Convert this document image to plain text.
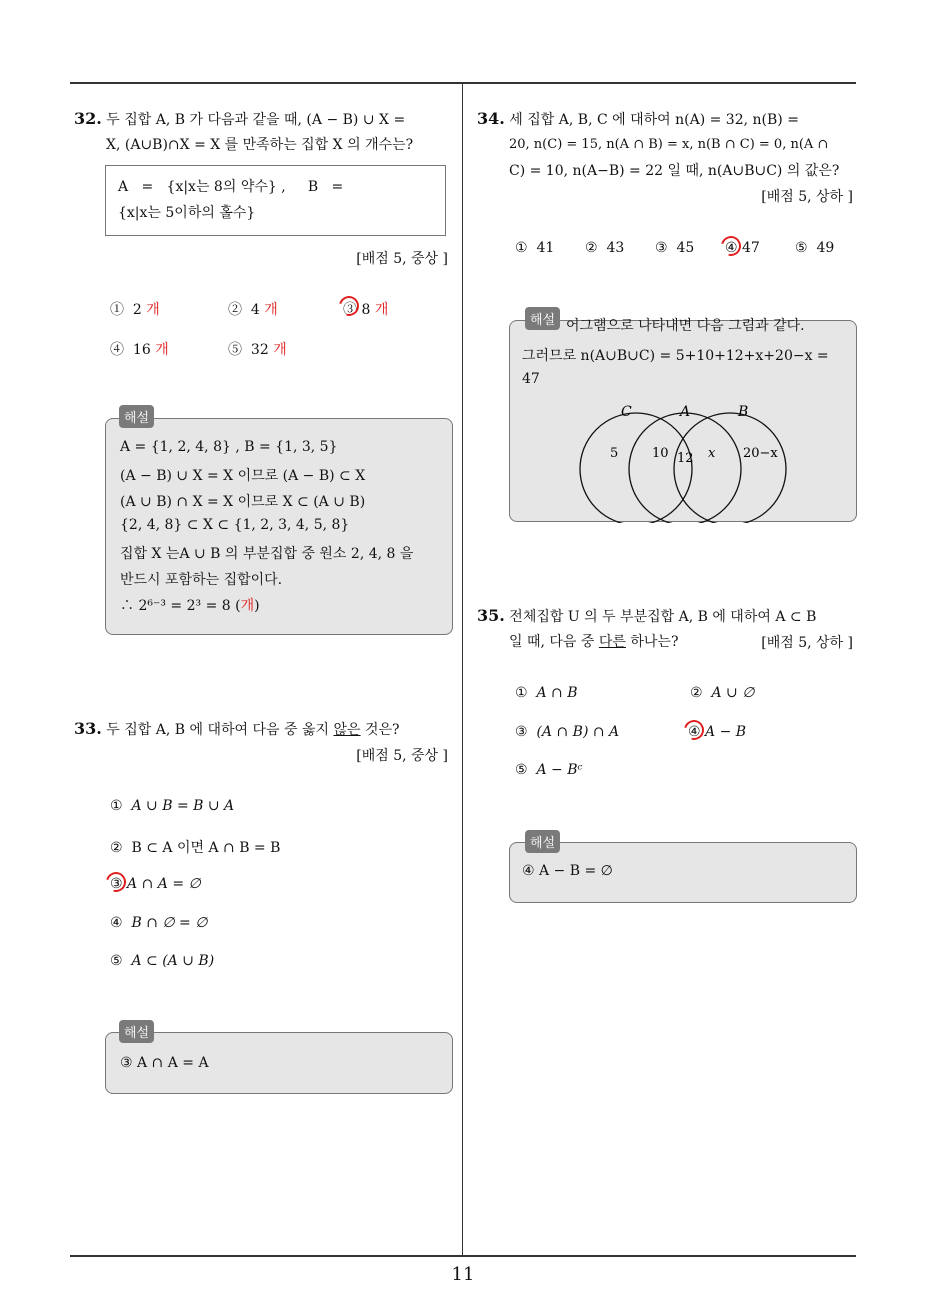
11
32. 두 집합 A, B 가 다음과 같을 때, (A − B) ∪ X =
X, (A∪B)∩X = X 를 만족하는 집합 X 의 개수는?
A   =   {x|x는 8의 약수} ,     B   =
{x|x는 5이하의 홀수}
[배점 5, 중상 ]
① 2 개	② 4 개	③ 8 개
④ 16 개	⑤ 32 개
A = {1, 2, 4, 8} , B = {1, 3, 5}
(A − B) ∪ X = X 이므로 (A − B) ⊂ X
(A ∪ B) ∩ X = X 이므로 X ⊂ (A ∪ B)
{2, 4, 8} ⊂ X ⊂ {1, 2, 3, 4, 5, 8}
집합 X 는A ∪ B 의 부분집합 중 원소 2, 4, 8 을
반드시 포함하는 집합이다.
∴ 2⁶⁻³ = 2³ = 8 (개)
해설
33. 두 집합 A, B 에 대하여 다음 중 옳지 않은 것은?
[배점 5, 중상 ]
① A ∪ B = B ∪ A
② B ⊂ A 이면 A ∩ B = B
③ A ∩ A = ∅
④ B ∩ ∅ = ∅
⑤ A ⊂ (A ∪ B)
③ A ∩ A = A
해설
34. 세 집합 A, B, C 에 대하여 n(A) = 32, n(B) =
20, n(C) = 15, n(A ∩ B) = x, n(B ∩ C) = 0, n(A ∩
C) = 10, n(A−B) = 22 일 때, n(A∪B∪C) 의 값은?
[배점 5, 상하 ]
① 41 ② 43 ③ 45 ④ 47	⑤ 49
어그램으로 나타내면 다음 그림과 같다.
그러므로 n(A∪B∪C) = 5+10+12+x+20−x =
47
C	A	B
5	10 12 x 20−x
해설
35. 전체집합 U 의 두 부분집합 A, B 에 대하여 A ⊂ B
일 때, 다음 중 다른 하나는?	[배점 5, 상하 ]
① A ∩ B	② A ∪ ∅
③ (A ∩ B) ∩ A	④ A − B
⑤ A − Bᶜ
④ A − B = ∅
해설
